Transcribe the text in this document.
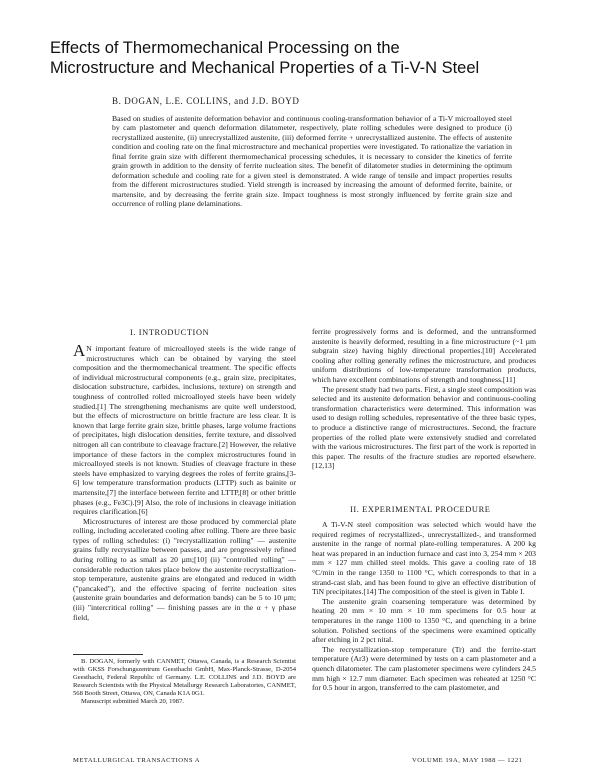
Effects of Thermomechanical Processing on the
Microstructure and Mechanical Properties of a Ti-V-N Steel
B. DOGAN, L.E. COLLINS, and J.D. BOYD
Based on studies of austenite deformation behavior and continuous cooling-transformation behavior of a Ti-V microalloyed steel by cam plastometer and quench deformation dilatometer, respectively, plate rolling schedules were designed to produce (i) recrystallized austenite, (ii) unrecrystallized austenite, (iii) deformed ferrite + unrecrystallized austenite. The effects of austenite condition and cooling rate on the final microstructure and mechanical properties were investigated. To rationalize the variation in final ferrite grain size with different thermomechanical processing schedules, it is necessary to consider the kinetics of ferrite grain growth in addition to the density of ferrite nucleation sites. The benefit of dilatometer studies in determining the optimum deformation schedule and cooling rate for a given steel is demonstrated. A wide range of tensile and impact properties results from the different microstructures studied. Yield strength is increased by increasing the amount of deformed ferrite, bainite, or martensite, and by decreasing the ferrite grain size. Impact toughness is most strongly influenced by ferrite grain size and occurrence of rolling plane delaminations.
I. INTRODUCTION

A N important feature of microalloyed steels is the wide range of microstructures which can be obtained by varying the steel composition and the thermomechanical treatment. The specific effects of individual microstructural components (e.g., grain size, precipitates, dislocation substructure, carbides, inclusions, texture) on strength and toughness of controlled rolled microalloyed steels have been widely studied.[1] The strengthening mechanisms are quite well understood, but the effects of microstructure on brittle fracture are less clear. It is known that large ferrite grain size, brittle phases, large volume fractions of precipitates, high dislocation densities, ferrite texture, and dissolved nitrogen all can contribute to cleavage fracture.[2] However, the relative importance of these factors in the complex microstructures found in microalloyed steels is not known. Studies of cleavage fracture in these steels have emphasized to varying degrees the roles of ferrite grains,[3-6] low temperature transformation products (LTTP) such as bainite or martensite,[7] the interface between ferrite and LTTP,[8] or other brittle phases (e.g., Fe3C).[9] Also, the role of inclusions in cleavage initiation requires clarification.[6]

Microstructures of interest are those produced by commercial plate rolling, including accelerated cooling after rolling. There are three basic types of rolling schedules: (i) "recrystallization rolling" — austenite grains fully recrystallize between passes, and are progressively refined during rolling to as small as 20 µm;[10] (ii) "controlled rolling" — considerable reduction takes place below the austenite recrystallization-stop temperature, austenite grains are elongated and reduced in width ("pancaked"), and the effective spacing of ferrite nucleation sites (austenite grain boundaries and deformation bands) can be 5 to 10 µm; (iii) "intercritical rolling" — finishing passes are in the α + γ phase field,

ferrite progressively forms and is deformed, and the untransformed austenite is heavily deformed, resulting in a fine microstructure (~1 µm subgrain size) having highly directional properties.[10] Accelerated cooling after rolling generally refines the microstructure, and produces uniform distributions of low-temperature transformation products, which have excellent combinations of strength and toughness.[11]

The present study had two parts. First, a single steel composition was selected and its austenite deformation behavior and continuous-cooling transformation characteristics were determined. This information was used to design rolling schedules, representative of the three basic types, to produce a distinctive range of microstructures. Second, the fracture properties of the rolled plate were extensively studied and correlated with the various microstructures. The first part of the work is reported in this paper. The results of the fracture studies are reported elsewhere.[12,13]

II. EXPERIMENTAL PROCEDURE

A Ti-V-N steel composition was selected which would have the required regimes of recrystallized-, unrecrystallized-, and transformed austenite in the range of normal plate-rolling temperatures. A 200 kg heat was prepared in an induction furnace and cast into 3, 254 mm × 203 mm × 127 mm chilled steel molds. This gave a cooling rate of 18 °C/min in the range 1350 to 1100 °C, which corresponds to that in a strand-cast slab, and has been found to give an effective distribution of TiN precipitates.[14] The composition of the steel is given in Table I.

The austenite grain coarsening temperature was determined by heating 20 mm × 10 mm × 10 mm specimens for 0.5 hour at temperatures in the range 1100 to 1350 °C, and quenching in a brine solution. Polished sections of the specimens were examined optically after etching in 2 pct nital.

The recrystallization-stop temperature (Tr) and the ferrite-start temperature (Ar3) were determined by tests on a cam plastometer and a quench dilatometer. The cam plastometer specimens were cylinders 24.5 mm high × 12.7 mm diameter. Each specimen was reheated at 1250 °C for 0.5 hour in argon, transferred to the cam plastometer, and

B. DOGAN, formerly with CANMET, Ottawa, Canada, is a Research Scientist with GKSS Forschungszentrum Geesthacht GmbH, Max-Planck-Strasse, D-2054 Geesthacht, Federal Republic of Germany. L.E. COLLINS and J.D. BOYD are Research Scientists with the Physical Metallurgy Research Laboratories, CANMET, 568 Booth Street, Ottawa, ON, Canada K1A 0G1.

Manuscript submitted March 20, 1987.

METALLURGICAL TRANSACTIONS A	VOLUME 19A, MAY 1988 — 1221
